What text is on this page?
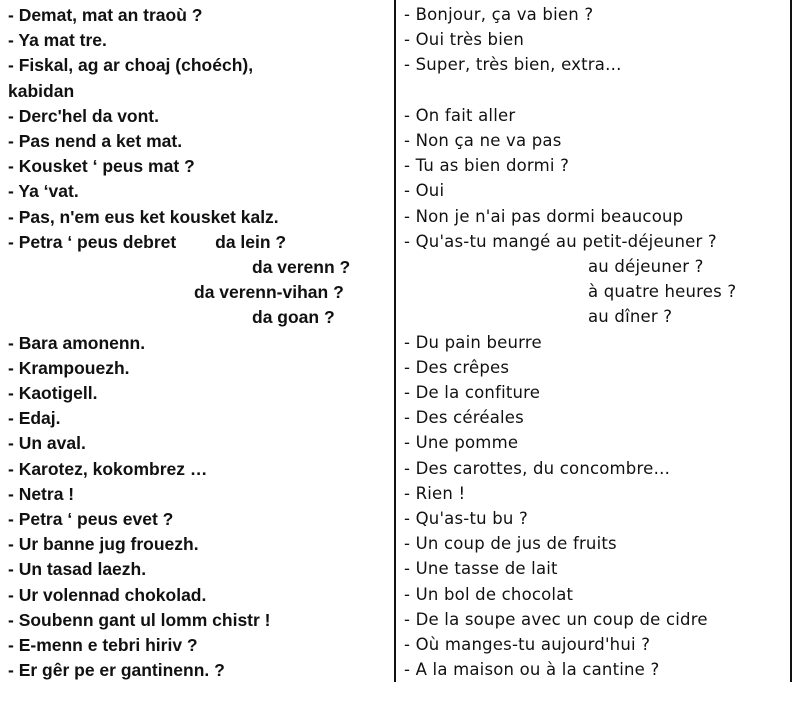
- Demat, mat an traoù ?
- Ya mat tre.
- Fiskal, ag ar choaj (choéch),
kabidan
- Derc'hel da vont.
- Pas nend a ket mat.
- Kousket ‘ peus mat ?
- Ya ‘vat.
- Pas, n'em eus ket kousket kalz.
- Petra ‘ peus debret        da lein ?
da verenn ?
da verenn-vihan ?
da goan ?
- Bara amonenn.
- Krampouezh.
- Kaotigell.
- Edaj.
- Un aval.
- Karotez, kokombrez …
- Netra !
- Petra ‘ peus evet ?
- Ur banne jug frouezh.
- Un tasad laezh.
- Ur volennad chokolad.
- Soubenn gant ul lomm chistr !
- E-menn e tebri hiriv ?
- Er gêr pe er gantinenn. ?
- Bonjour, ça va bien ?
- Oui très bien
- Super, très bien, extra…
- On fait aller
- Non ça ne va pas
- Tu as bien dormi ?
- Oui
- Non je n'ai pas dormi beaucoup
- Qu'as-tu mangé au petit-déjeuner ?
au déjeuner ?
à quatre heures ?
au dîner ?
- Du pain beurre
- Des crêpes
- De la confiture
- Des céréales
- Une pomme
- Des carottes, du concombre…
- Rien !
- Qu'as-tu bu ?
- Un coup de jus de fruits
- Une tasse de lait
- Un bol de chocolat
- De la soupe avec un coup de cidre
- Où manges-tu aujourd'hui ?
- A la maison ou à la cantine ?
